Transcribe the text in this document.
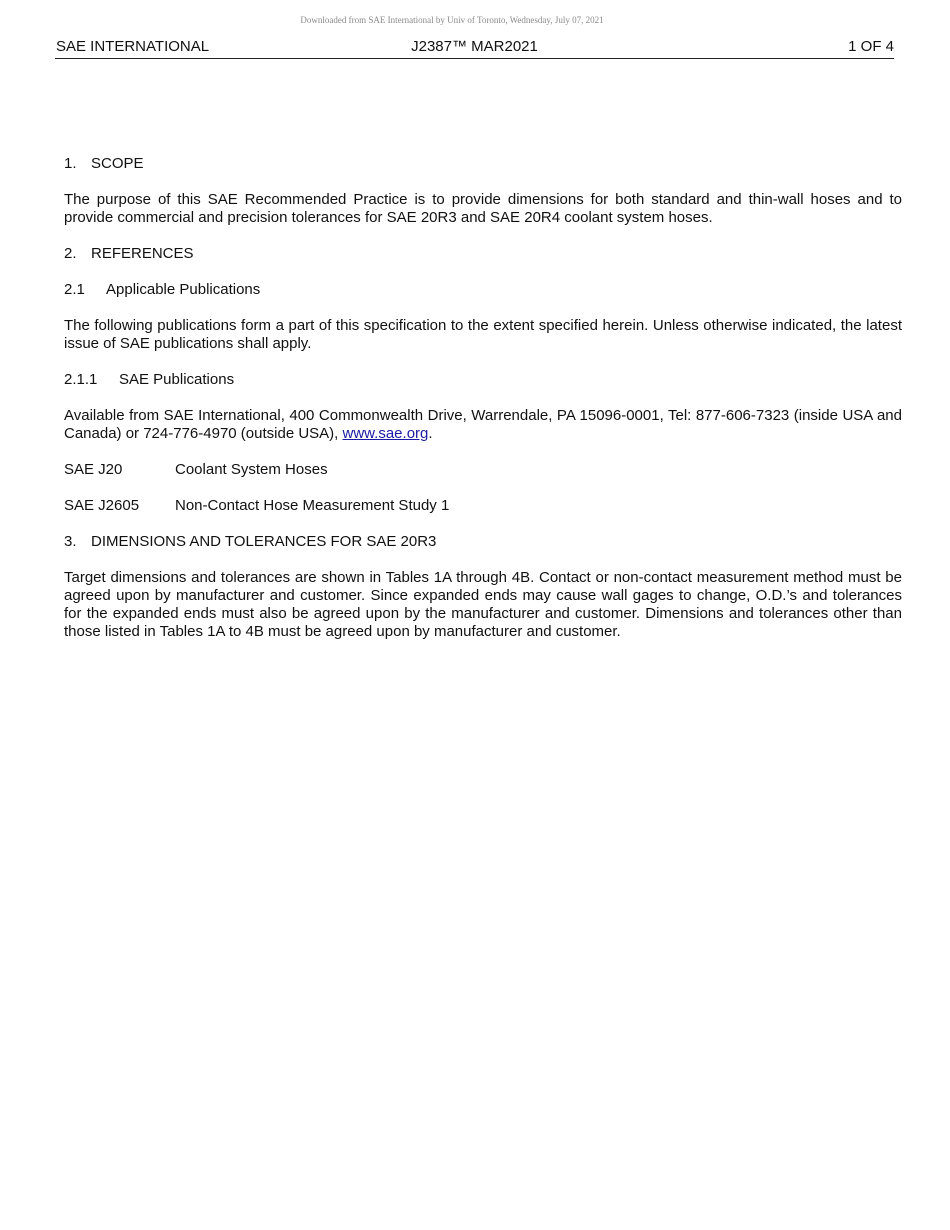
Downloaded from SAE International by Univ of Toronto, Wednesday, July 07, 2021
SAE INTERNATIONAL	J2387™ MAR2021	1 OF 4
1. SCOPE

The purpose of this SAE Recommended Practice is to provide dimensions for both standard and thin-wall hoses and to provide commercial and precision tolerances for SAE 20R3 and SAE 20R4 coolant system hoses.

2. REFERENCES
2.1 Applicable Publications

The following publications form a part of this specification to the extent specified herein. Unless otherwise indicated, the latest issue of SAE publications shall apply.

2.1.1 SAE Publications

Available from SAE International, 400 Commonwealth Drive, Warrendale, PA 15096-0001, Tel: 877-606-7323 (inside USA and Canada) or 724-776-4970 (outside USA), www.sae.org.

SAE J20	Coolant System Hoses
SAE J2605 Non-Contact Hose Measurement Study 1
3. DIMENSIONS AND TOLERANCES FOR SAE 20R3

Target dimensions and tolerances are shown in Tables 1A through 4B. Contact or non-contact measurement method must be agreed upon by manufacturer and customer. Since expanded ends may cause wall gages to change, O.D.’s and tolerances for the expanded ends must also be agreed upon by the manufacturer and customer. Dimensions and tolerances other than those listed in Tables 1A to 4B must be agreed upon by manufacturer and customer.
